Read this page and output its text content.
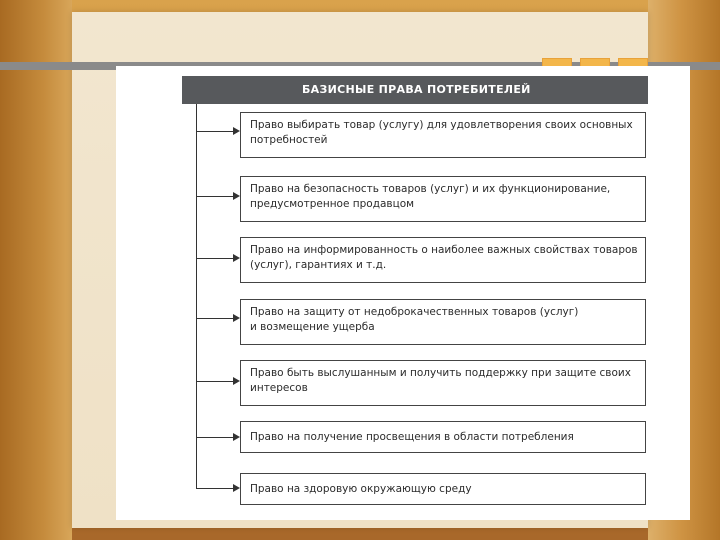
БАЗИСНЫЕ ПРАВА ПОТРЕБИТЕЛЕЙ
Право выбирать товар (услугу) для удовлетворения своих основных
потребностей
Право на безопасность товаров (услуг) и их функционирование,
предусмотренное продавцом
Право на информированность о наиболее важных свойствах товаров
(услуг), гарантиях и т.д.
Право на защиту от недоброкачественных товаров (услуг)
и возмещение ущерба
Право быть выслушанным и получить поддержку при защите своих
интересов
Право на получение просвещения в области потребления
Право на здоровую окружающую среду
